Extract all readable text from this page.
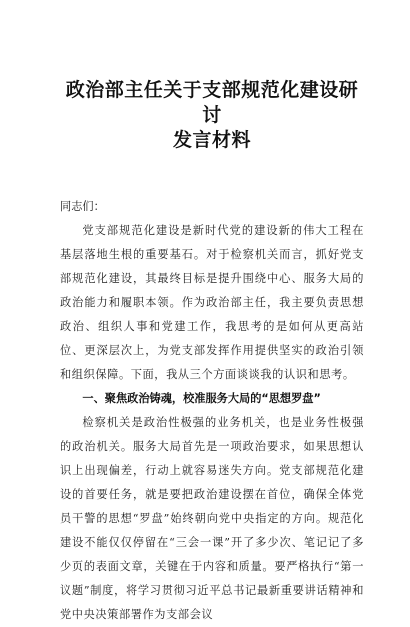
政治部主任关于支部规范化建设研讨
发言材料

同志们：

党支部规范化建设是新时代党的建设新的伟大工程在基层落地生根的重要基石。对于检察机关而言，抓好党支部规范化建设，其最终目标是提升围绕中心、服务大局的政治能力和履职本领。作为政治部主任，我主要负责思想政治、组织人事和党建工作，我思考的是如何从更高站位、更深层次上，为党支部发挥作用提供坚实的政治引领和组织保障。下面，我从三个方面谈谈我的认识和思考。

一、聚焦政治铸魂，校准服务大局的“思想罗盘”

检察机关是政治性极强的业务机关，也是业务性极强的政治机关。服务大局首先是一项政治要求，如果思想认识上出现偏差，行动上就容易迷失方向。党支部规范化建设的首要任务，就是要把政治建设摆在首位，确保全体党员干警的思想“罗盘”始终朝向党中央指定的方向。规范化建设不能仅仅停留在“三会一课”开了多少次、笔记记了多少页的表面文章，关键在于内容和质量。要严格执行“第一议题”制度，将学习贯彻习近平总书记最新重要讲话精神和党中央决策部署作为支部会议
